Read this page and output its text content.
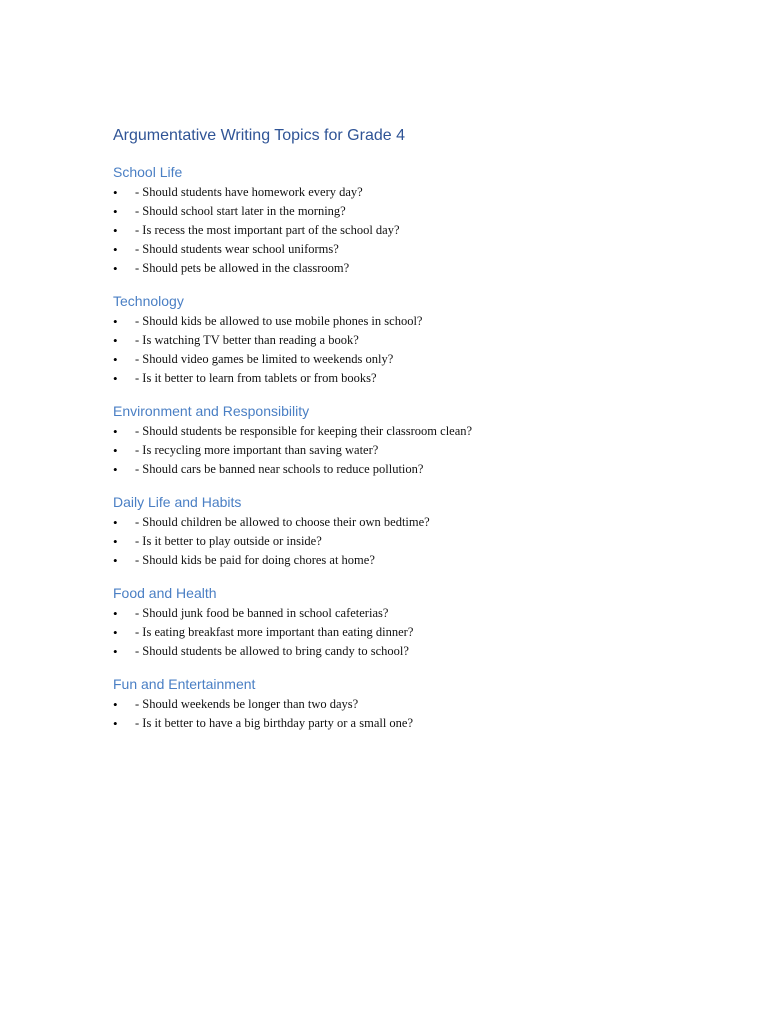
Argumentative Writing Topics for Grade 4
School Life
• - Should students have homework every day?
• - Should school start later in the morning?
• - Is recess the most important part of the school day?
• - Should students wear school uniforms?
• - Should pets be allowed in the classroom?
Technology
• - Should kids be allowed to use mobile phones in school?
• - Is watching TV better than reading a book?
• - Should video games be limited to weekends only?
• - Is it better to learn from tablets or from books?
Environment and Responsibility
• - Should students be responsible for keeping their classroom clean?
• - Is recycling more important than saving water?
• - Should cars be banned near schools to reduce pollution?
Daily Life and Habits
• - Should children be allowed to choose their own bedtime?
• - Is it better to play outside or inside?
• - Should kids be paid for doing chores at home?
Food and Health
• - Should junk food be banned in school cafeterias?
• - Is eating breakfast more important than eating dinner?
• - Should students be allowed to bring candy to school?
Fun and Entertainment
• - Should weekends be longer than two days?
• - Is it better to have a big birthday party or a small one?
